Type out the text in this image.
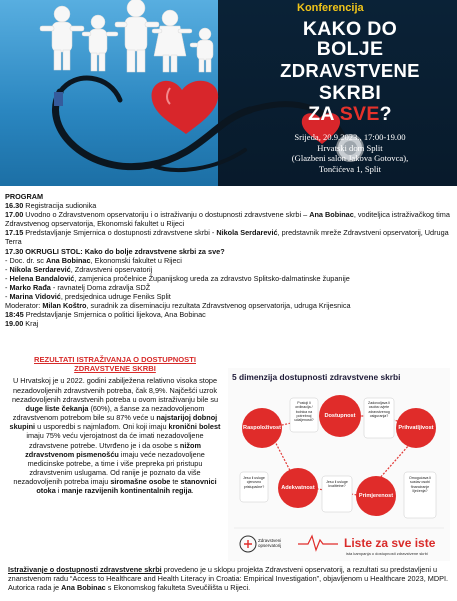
Konferencija
KAKO DO
BOLJE
ZDRAVSTVENE
SKRBI
ZA SVE?
Srijeda, 20.9.2023., 17:00-19.00
Hrvatski dom Split
(Glazbeni salon Jakova Gotovca),
Tončićeva 1, Split
PROGRAM
16.30 Registracija sudionika
17.00 Uvodno o Zdravstvenom opservatoriju i o istraživanju o dostupnosti zdravstvene skrbi – Ana Bobinac, voditeljica istraživačkog tima Zdravstvenog opservatorija, Ekonomski fakultet u Rijeci
17.15 Predstavljanje Smjernica o dostupnosti zdravstvene skrbi - Nikola Serdarević, predstavnik mreže Zdravstveni opservatorij, Udruga Terra
17.30 OKRUGLI STOL: Kako do bolje zdravstvene skrbi za sve?
- Doc. dr. sc Ana Bobinac, Ekonomski fakultet u Rijeci
- Nikola Serdarević, Zdravstveni opservatorij
- Helena Bandalović, zamjenica pročelnice Županijskog ureda za zdravstvo Splitsko-dalmatinske županije
- Marko Rađa - ravnatelj Doma zdravlja SDŽ
- Marina Vidović, predsjednica udruge Feniks Split
Moderator: Milan Koštro, suradnik za diseminaciju rezultata Zdravstvenog opservatorija, udruga Krijesnica
18:45 Predstavljanje Smjernica o politici lijekova, Ana Bobinac
19.00 Kraj
REZULTATI ISTRAŽIVANJA O DOSTUPNOSTI ZDRAVSTVENE SKRBI
U Hrvatskoj je u 2022. godini zabilježena relativno visoka stope nezadovoljenih zdravstvenih potreba, čak 8,9%. Najčešći uzrok nezadovoljenih zdravstvenih potreba u ovom istraživanju bile su duge liste čekanja (60%), a šanse za nezadovoljenom zdravstvenom potrebom bile su 87% veće u najstarijoj dobnoj skupini u usporedbi s najmlađom. Oni koji imaju kronični bolest imaju 75% veću vjerojatnost da će imati nezadovoljene zdravstvene potrebe. Utvrđeno je i da osobe s nižom zdravstvenom pismenošću imaju veće nezadovoljene medicinske potrebe, a time i više prepreka pri pristupu zdravstvenim uslugama. Od ranije je poznato da više nezadovoljenih potreba imaju siromašne osobe te stanovnici otoka i manje razvijenih kontinentalnih regija.
5 dimenzija dostupnosti zdravstvene skrbi
Raspoloživost
Dostupnost
Prihvatljivost
Adekvatnost
Primjerenost
Postoji li ordinacija / bolnica na potrebnoj udaljenosti?
Zadovoljava li osoba uvjete zdravstvenog osiguranja?
Jesu li usluge cjenovno pristupačne?
Jesu li usluge kvalitetne?
Omogućava li sustav osobi financiranje liječenja?
Zdravstveni
opservatorij	Liste za sve iste
ista kampanja o dostupnosti zdravstvene skrbi
Istraživanje o dostupnosti zdravstvene skrbi provedeno je u sklopu projekta Zdravstveni opservatorij, a rezultati su predstavljeni u znanstvenom radu “Access to Healthcare and Health Literacy in Croatia: Empirical Investigation”, objavljenom u Healthcare 2023, MDPI. Autorica rada je Ana Bobinac s Ekonomskog fakulteta Sveučilišta u Rijeci.
